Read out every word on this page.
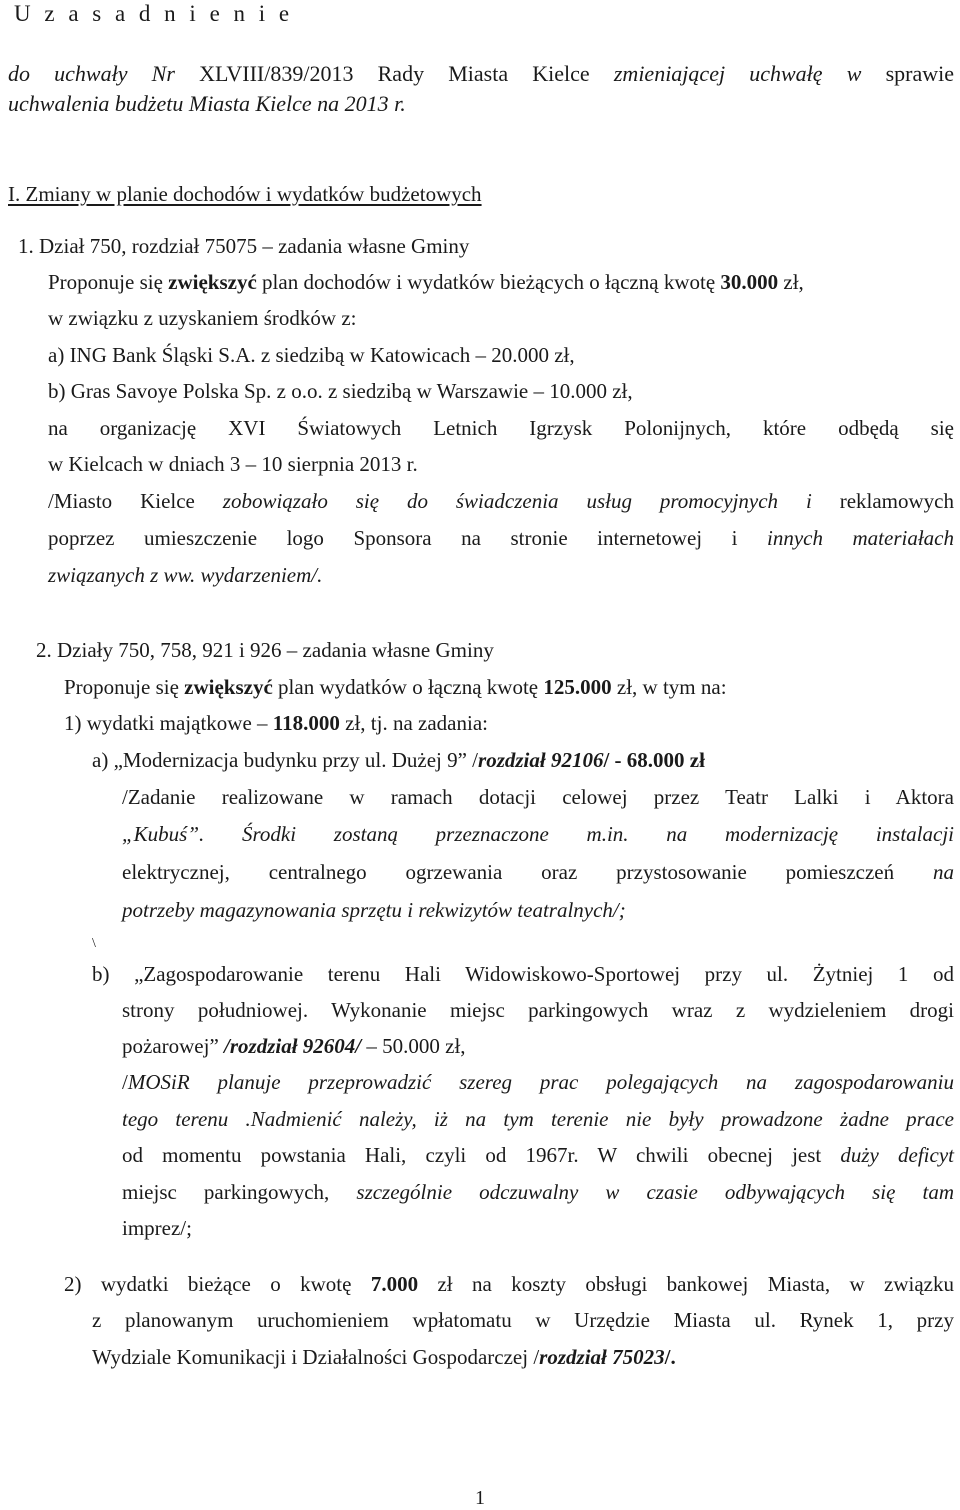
U z a s a d n i e n i e
do uchwały Nr XLVIII/839/2013 Rady Miasta Kielce zmieniającej uchwałę w sprawie
uchwalenia budżetu Miasta Kielce na 2013 r.
I. Zmiany w planie dochodów i wydatków budżetowych
1. Dział 750, rozdział 75075 – zadania własne Gminy
Proponuje się zwiększyć plan dochodów i wydatków bieżących o łączną kwotę 30.000 zł,
w związku z uzyskaniem środków z:
a) ING Bank Śląski S.A. z siedzibą w Katowicach – 20.000 zł,
b) Gras Savoye Polska Sp. z o.o. z siedzibą w Warszawie – 10.000 zł,
na organizację XVI Światowych Letnich Igrzysk Polonijnych, które odbędą się
w Kielcach w dniach 3 – 10 sierpnia 2013 r.
/Miasto Kielce zobowiązało się do świadczenia usług promocyjnych i reklamowych
poprzez umieszczenie logo Sponsora na stronie internetowej i innych materiałach
związanych z ww. wydarzeniem/.
2. Działy 750, 758, 921 i 926 – zadania własne Gminy
Proponuje się zwiększyć plan wydatków o łączną kwotę 125.000 zł, w tym na:
1) wydatki majątkowe – 118.000 zł, tj. na zadania:
a) „Modernizacja budynku przy ul. Dużej 9” /rozdział 92106/ - 68.000 zł
/Zadanie realizowane w ramach dotacji celowej przez Teatr Lalki i Aktora
„Kubuś”. Środki zostaną przeznaczone m.in. na modernizację instalacji
elektrycznej, centralnego ogrzewania oraz przystosowanie pomieszczeń na
potrzeby magazynowania sprzętu i rekwizytów teatralnych/;
\
b) „Zagospodarowanie terenu Hali Widowiskowo-Sportowej przy ul. Żytniej 1 od
strony południowej. Wykonanie miejsc parkingowych wraz z wydzieleniem drogi
pożarowej” /rozdział 92604/ – 50.000 zł,
/MOSiR planuje przeprowadzić szereg prac polegających na zagospodarowaniu
tego terenu .Nadmienić należy, iż na tym terenie nie były prowadzone żadne prace
od momentu powstania Hali, czyli od 1967r. W chwili obecnej jest duży deficyt
miejsc parkingowych, szczególnie odczuwalny w czasie odbywających się tam
imprez/;
2) wydatki bieżące o kwotę 7.000 zł na koszty obsługi bankowej Miasta, w związku
z planowanym uruchomieniem wpłatomatu w Urzędzie Miasta ul. Rynek 1, przy
Wydziale Komunikacji i Działalności Gospodarczej /rozdział 75023/.
1
